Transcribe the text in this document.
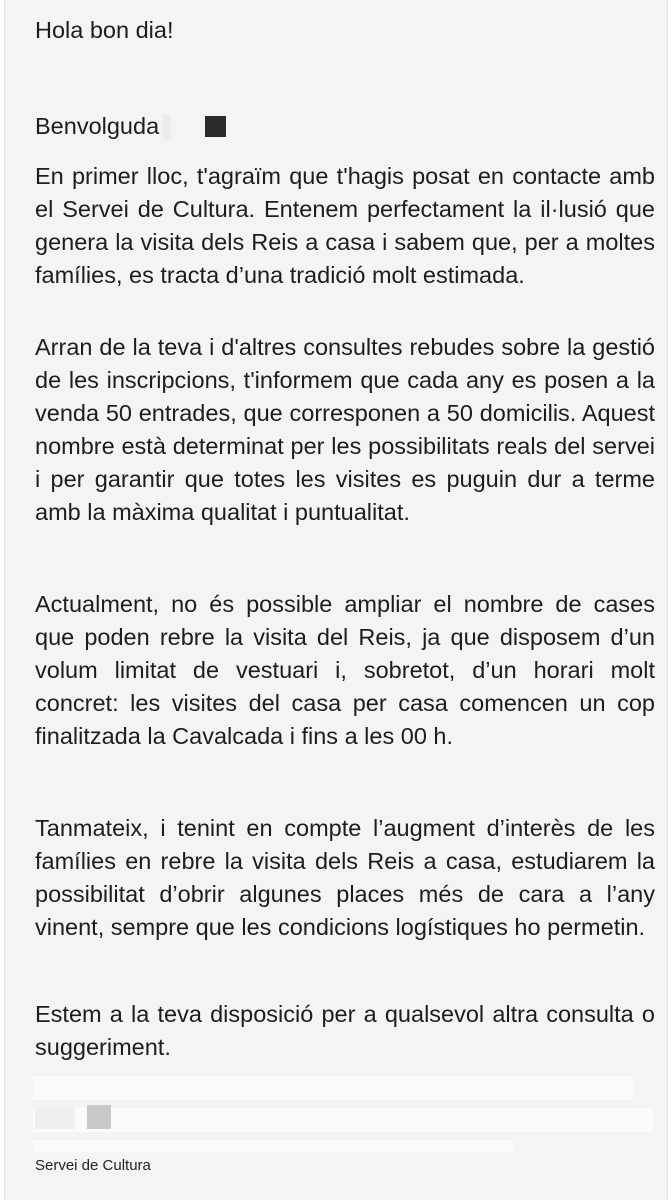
Hola bon dia!

Benvolguda

En primer lloc, t'agraïm que t'hagis posat en contacte amb el Servei de Cultura. Entenem perfectament la il·lusió que genera la visita dels Reis a casa i sabem que, per a moltes famílies, es tracta d’una tradició molt estimada.

Arran de la teva i d'altres consultes rebudes sobre la gestió de les inscripcions, t'informem que cada any es posen a la venda 50 entrades, que corresponen a 50 domicilis. Aquest nombre està determinat per les possibilitats reals del servei i per garantir que totes les visites es puguin dur a terme amb la màxima qualitat i puntualitat.

Actualment, no és possible ampliar el nombre de cases que poden rebre la visita del Reis, ja que disposem d’un volum limitat de vestuari i, sobretot, d’un horari molt concret: les visites del casa per casa comencen un cop finalitzada la Cavalcada i fins a les 00 h.

Tanmateix, i tenint en compte l’augment d’interès de les famílies en rebre la visita dels Reis a casa, estudiarem la possibilitat d’obrir algunes places més de cara a l’any vinent, sempre que les condicions logístiques ho permetin.

Estem a la teva disposició per a qualsevol altra consulta o suggeriment.

Servei de Cultura
